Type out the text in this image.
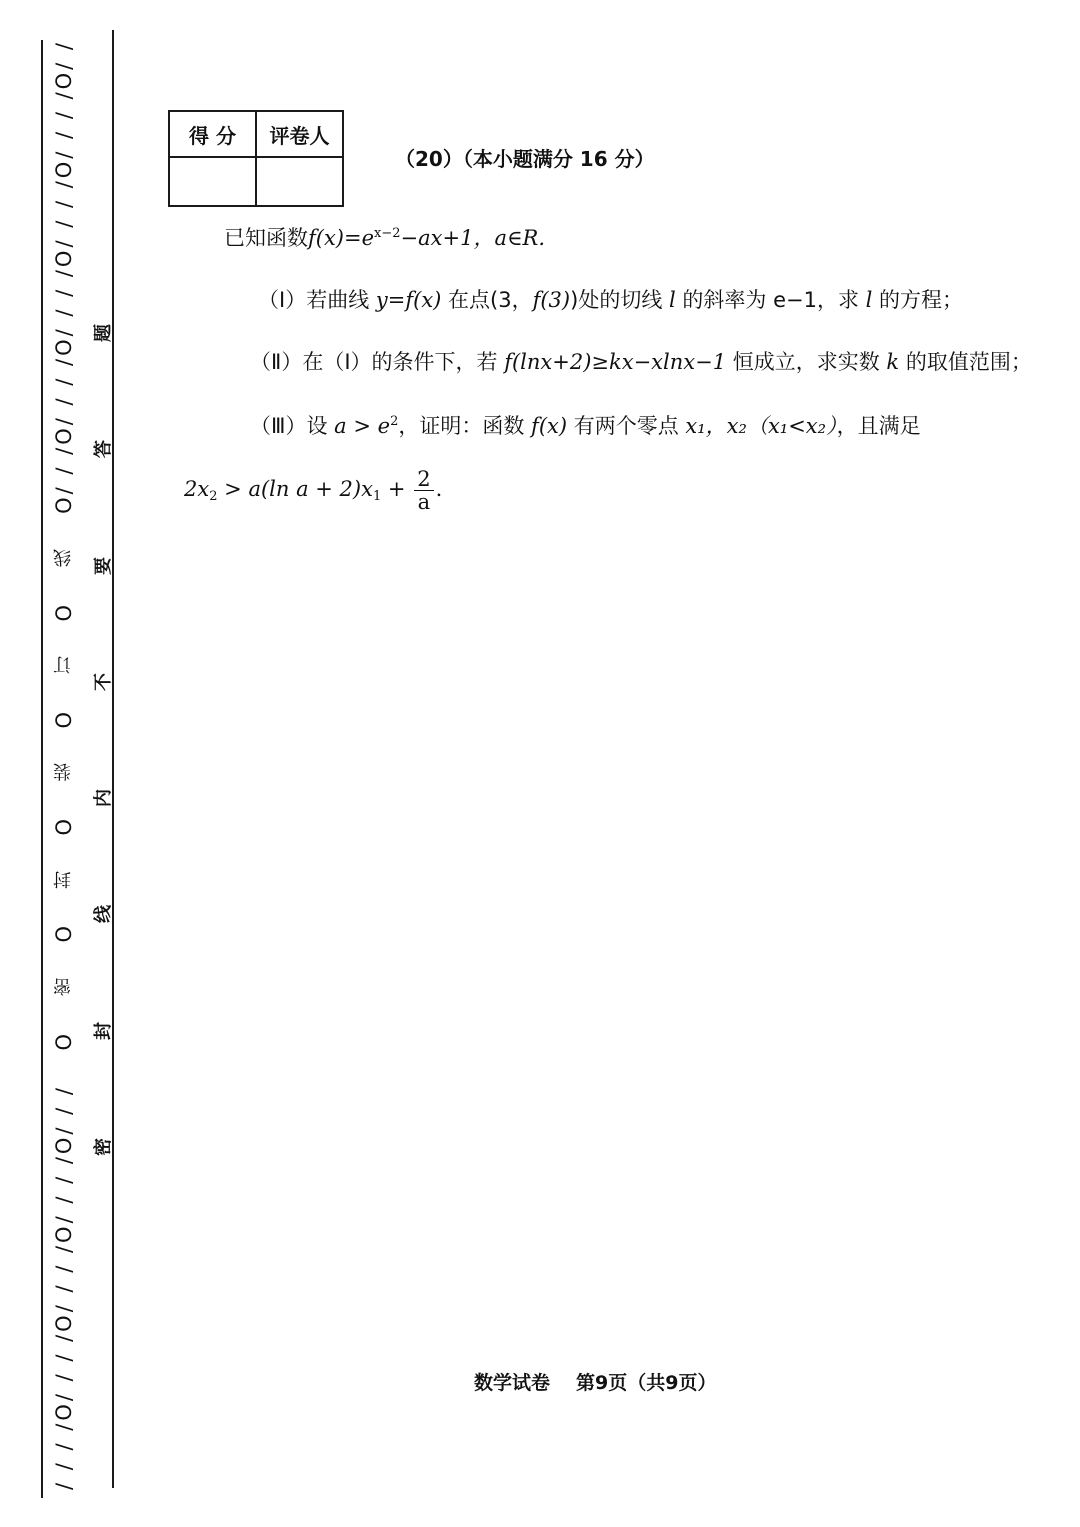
/ / / /O/ / / /O/ / / /O/ / / /O/ / /
O
密
O
封
O
装
O
订
O
线
O/ / /O/ / / /O/ / / /O/ / / /O/ / / /O/ /
密
封
线
内
不
要
答
题
得 分	评卷人

（20）（本小题满分 16 分）
已知函数$f(x)=e^{x-2}-ax+1$，a∈R.
（Ⅰ）若曲线 y=f(x) 在点(3，f(3))处的切线 l 的斜率为 e−1，求 l 的方程；
（Ⅱ）在（Ⅰ）的条件下，若 f(lnx+2)≥kx−xlnx−1 恒成立，求实数 k 的取值范围；
（Ⅲ）设 $a > e^2$，证明：函数 f(x) 有两个零点 x₁，x₂（x₁<x₂），且满足
$2x_2 > a(\ln$ $a + 2)x_1 + \frac{2}{a}$ .
数学试卷 第9页（共9页）
